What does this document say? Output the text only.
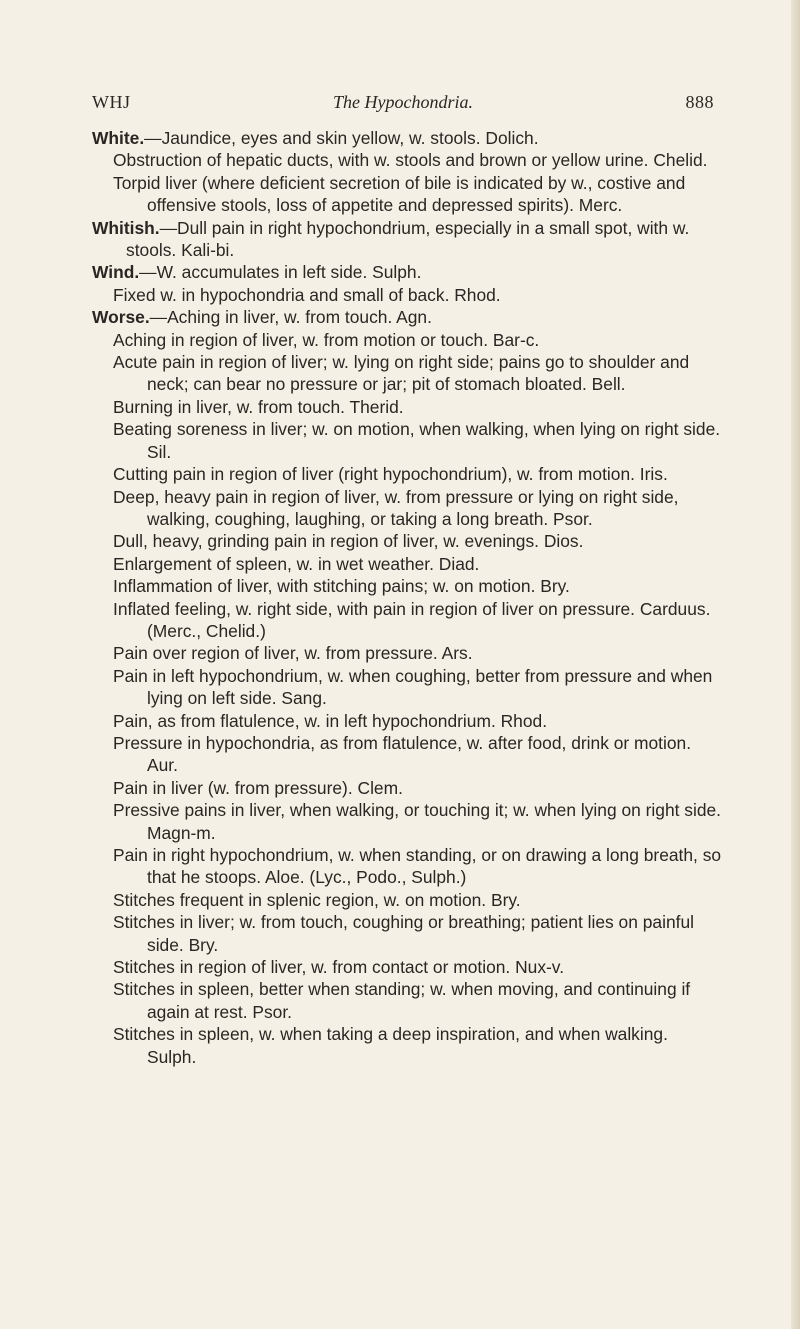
WHJ	The Hypochondria.	888

White.—Jaundice, eyes and skin yellow, w. stools. Dolich.

Obstruction of hepatic ducts, with w. stools and brown or yellow urine. Chelid.

Torpid liver (where deficient secretion of bile is indicated by w., costive and offensive stools, loss of appetite and depressed spirits). Merc.

Whitish.—Dull pain in right hypochondrium, especially in a small spot, with w. stools. Kali-bi.

Wind.—W. accumulates in left side. Sulph.

Fixed w. in hypochondria and small of back. Rhod.

Worse.—Aching in liver, w. from touch. Agn.

Aching in region of liver, w. from motion or touch. Bar-c.

Acute pain in region of liver; w. lying on right side; pains go to shoulder and neck; can bear no pressure or jar; pit of stomach bloated. Bell.

Burning in liver, w. from touch. Therid.

Beating soreness in liver; w. on motion, when walking, when lying on right side. Sil.

Cutting pain in region of liver (right hypochondrium), w. from motion. Iris.

Deep, heavy pain in region of liver, w. from pressure or lying on right side, walking, coughing, laughing, or taking a long breath. Psor.

Dull, heavy, grinding pain in region of liver, w. evenings. Dios.

Enlargement of spleen, w. in wet weather. Diad.

Inflammation of liver, with stitching pains; w. on motion. Bry.

Inflated feeling, w. right side, with pain in region of liver on pressure. Carduus. (Merc., Chelid.)

Pain over region of liver, w. from pressure. Ars.

Pain in left hypochondrium, w. when coughing, better from pressure and when lying on left side. Sang.

Pain, as from flatulence, w. in left hypochondrium. Rhod.

Pressure in hypochondria, as from flatulence, w. after food, drink or motion. Aur.

Pain in liver (w. from pressure). Clem.

Pressive pains in liver, when walking, or touching it; w. when lying on right side. Magn-m.

Pain in right hypochondrium, w. when standing, or on drawing a long breath, so that he stoops. Aloe. (Lyc., Podo., Sulph.)

Stitches frequent in splenic region, w. on motion. Bry.

Stitches in liver; w. from touch, coughing or breathing; patient lies on painful side. Bry.

Stitches in region of liver, w. from contact or motion. Nux-v.

Stitches in spleen, better when standing; w. when moving, and continuing if again at rest. Psor.

Stitches in spleen, w. when taking a deep inspiration, and when walking. Sulph.
